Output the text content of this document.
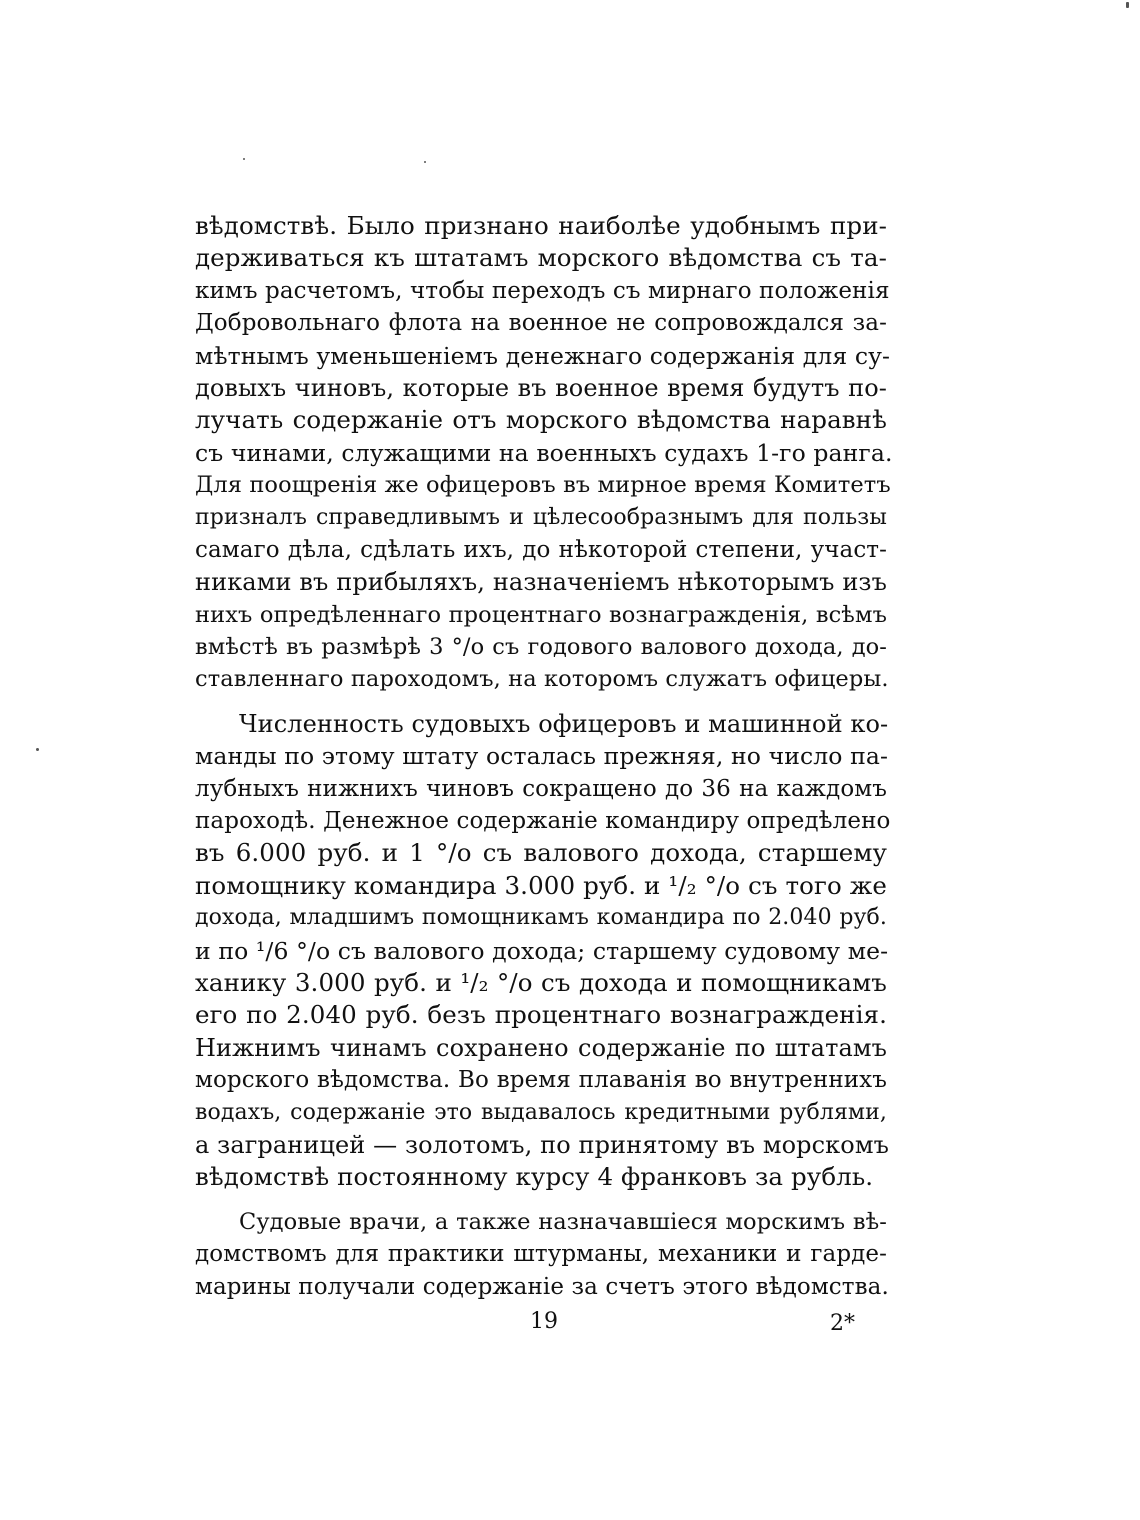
вѣдомствѣ. Было признано наиболѣе удобнымъ при-
держиваться къ штатамъ морского вѣдомства съ та-
кимъ расчетомъ, чтобы переходъ съ мирнаго положенія
Добровольнаго флота на военное не сопровождался за-
мѣтнымъ уменьшеніемъ денежнаго содержанія для су-
довыхъ чиновъ, которые въ военное время будутъ по-
лучать содержаніе отъ морского вѣдомства наравнѣ
съ чинами, служащими на военныхъ судахъ 1-го ранга.
Для поощренія же офицеровъ въ мирное время Комитетъ
призналъ справедливымъ и цѣлесообразнымъ для пользы
самаго дѣла, сдѣлать ихъ, до нѣкоторой степени, участ-
никами въ прибыляхъ, назначеніемъ нѣкоторымъ изъ
нихъ опредѣленнаго процентнаго вознагражденія, всѣмъ
вмѣстѣ въ размѣрѣ 3 °/o съ годового валового дохода, до-
ставленнаго пароходомъ, на которомъ служатъ офицеры.
Численность судовыхъ офицеровъ и машинной ко-
манды по этому штату осталась прежняя, но число па-
лубныхъ нижнихъ чиновъ сокращено до 36 на каждомъ
пароходѣ. Денежное содержаніе командиру опредѣлено
въ 6.000 руб. и 1 °/o съ валового дохода, старшему
помощнику командира 3.000 руб. и ¹/₂ °/o съ того же
дохода, младшимъ помощникамъ командира по 2.040 руб.
и по ¹/6 °/o съ валового дохода; старшему судовому ме-
ханику 3.000 руб. и ¹/₂ °/o съ дохода и помощникамъ
его по 2.040 руб. безъ процентнаго вознагражденія.
Нижнимъ чинамъ сохранено содержаніе по штатамъ
морского вѣдомства. Во время плаванія во внутреннихъ
водахъ, содержаніе это выдавалось кредитными рублями,
а заграницей — золотомъ, по принятому въ морскомъ
вѣдомствѣ постоянному курсу 4 франковъ за рубль.
Судовые врачи, а также назначавшіеся морскимъ вѣ-
домствомъ для практики штурманы, механики и гарде-
марины получали содержаніе за счетъ этого вѣдомства.
19	2*
